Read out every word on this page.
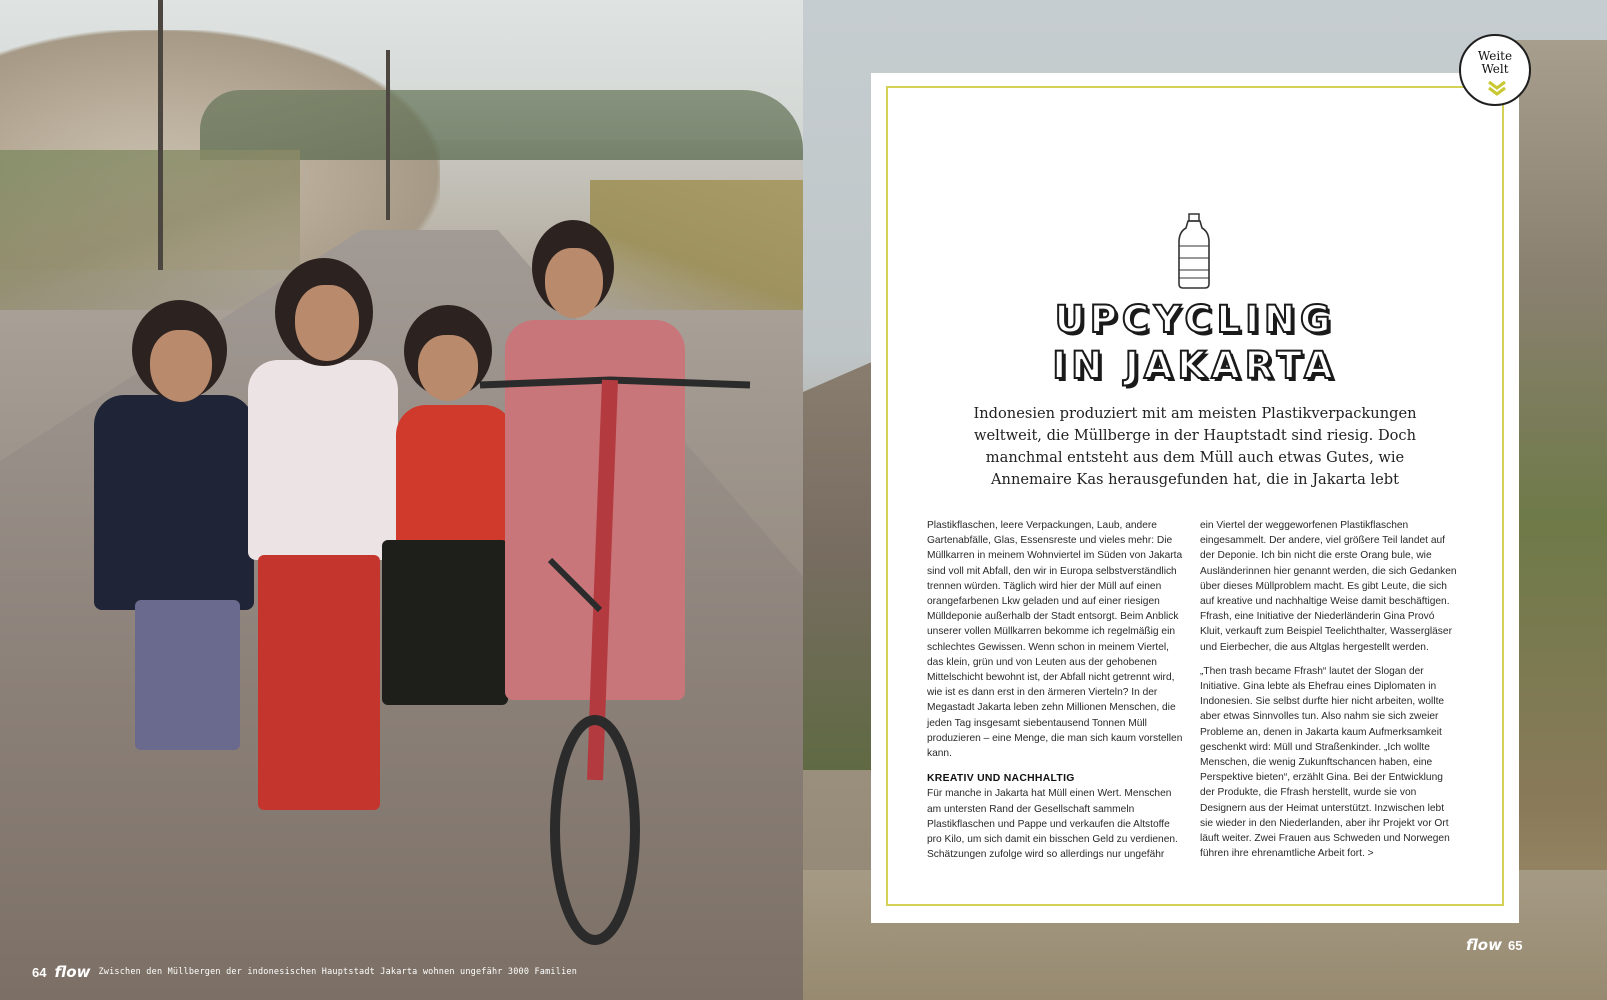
64 flow Zwischen den Müllbergen der indonesischen Hauptstadt Jakarta wohnen ungefähr 3000 Familien
UPCYCLING
IN JAKARTA
Indonesien produziert mit am meisten Plastikverpackungen weltweit, die Müllberge in der Hauptstadt sind riesig. Doch manchmal entsteht aus dem Müll auch etwas Gutes, wie Annemaire Kas herausgefunden hat, die in Jakarta lebt

Plastikflaschen, leere Verpackungen, Laub, andere Gartenabfälle, Glas, Essensreste und vieles mehr: Die Müllkarren in meinem Wohnviertel im Süden von Jakarta sind voll mit Abfall, den wir in Europa selbstverständlich trennen würden. Täglich wird hier der Müll auf einen orangefarbenen Lkw geladen und auf einer riesigen Mülldeponie außerhalb der Stadt entsorgt. Beim Anblick unserer vollen Müllkarren bekomme ich regelmäßig ein schlechtes Gewissen. Wenn schon in meinem Viertel, das klein, grün und von Leuten aus der gehobenen Mittelschicht bewohnt ist, der Abfall nicht getrennt wird, wie ist es dann erst in den ärmeren Vierteln? In der Megastadt Jakarta leben zehn Millionen Menschen, die jeden Tag insgesamt siebentausend Tonnen Müll produzieren – eine Menge, die man sich kaum vorstellen kann.

KREATIV UND NACHHALTIG

Für manche in Jakarta hat Müll einen Wert. Menschen am untersten Rand der Gesellschaft sammeln Plastikflaschen und Pappe und verkaufen die Altstoffe pro Kilo, um sich damit ein bisschen Geld zu verdienen. Schätzungen zufolge wird so allerdings nur ungefähr

ein Viertel der weggeworfenen Plastikflaschen eingesammelt. Der andere, viel größere Teil landet auf der Deponie. Ich bin nicht die erste Orang bule, wie Ausländerinnen hier genannt werden, die sich Gedanken über dieses Müllproblem macht. Es gibt Leute, die sich auf kreative und nachhaltige Weise damit beschäftigen. Ffrash, eine Initiative der Niederländerin Gina Provó Kluit, verkauft zum Beispiel Teelichthalter, Wassergläser und Eierbecher, die aus Altglas hergestellt werden.

„Then trash became Ffrash“ lautet der Slogan der Initiative. Gina lebte als Ehefrau eines Diplomaten in Indonesien. Sie selbst durfte hier nicht arbeiten, wollte aber etwas Sinnvolles tun. Also nahm sie sich zweier Probleme an, denen in Jakarta kaum Aufmerksamkeit geschenkt wird: Müll und Straßenkinder. „Ich wollte Menschen, die wenig Zukunftschancen haben, eine Perspektive bieten“, erzählt Gina. Bei der Entwicklung der Produkte, die Ffrash herstellt, wurde sie von Designern aus der Heimat unterstützt. Inzwischen lebt sie wieder in den Niederlanden, aber ihr Projekt vor Ort läuft weiter. Zwei Frauen aus Schweden und Norwegen führen ihre ehrenamtliche Arbeit fort. >

Weite
Welt
flow 65
